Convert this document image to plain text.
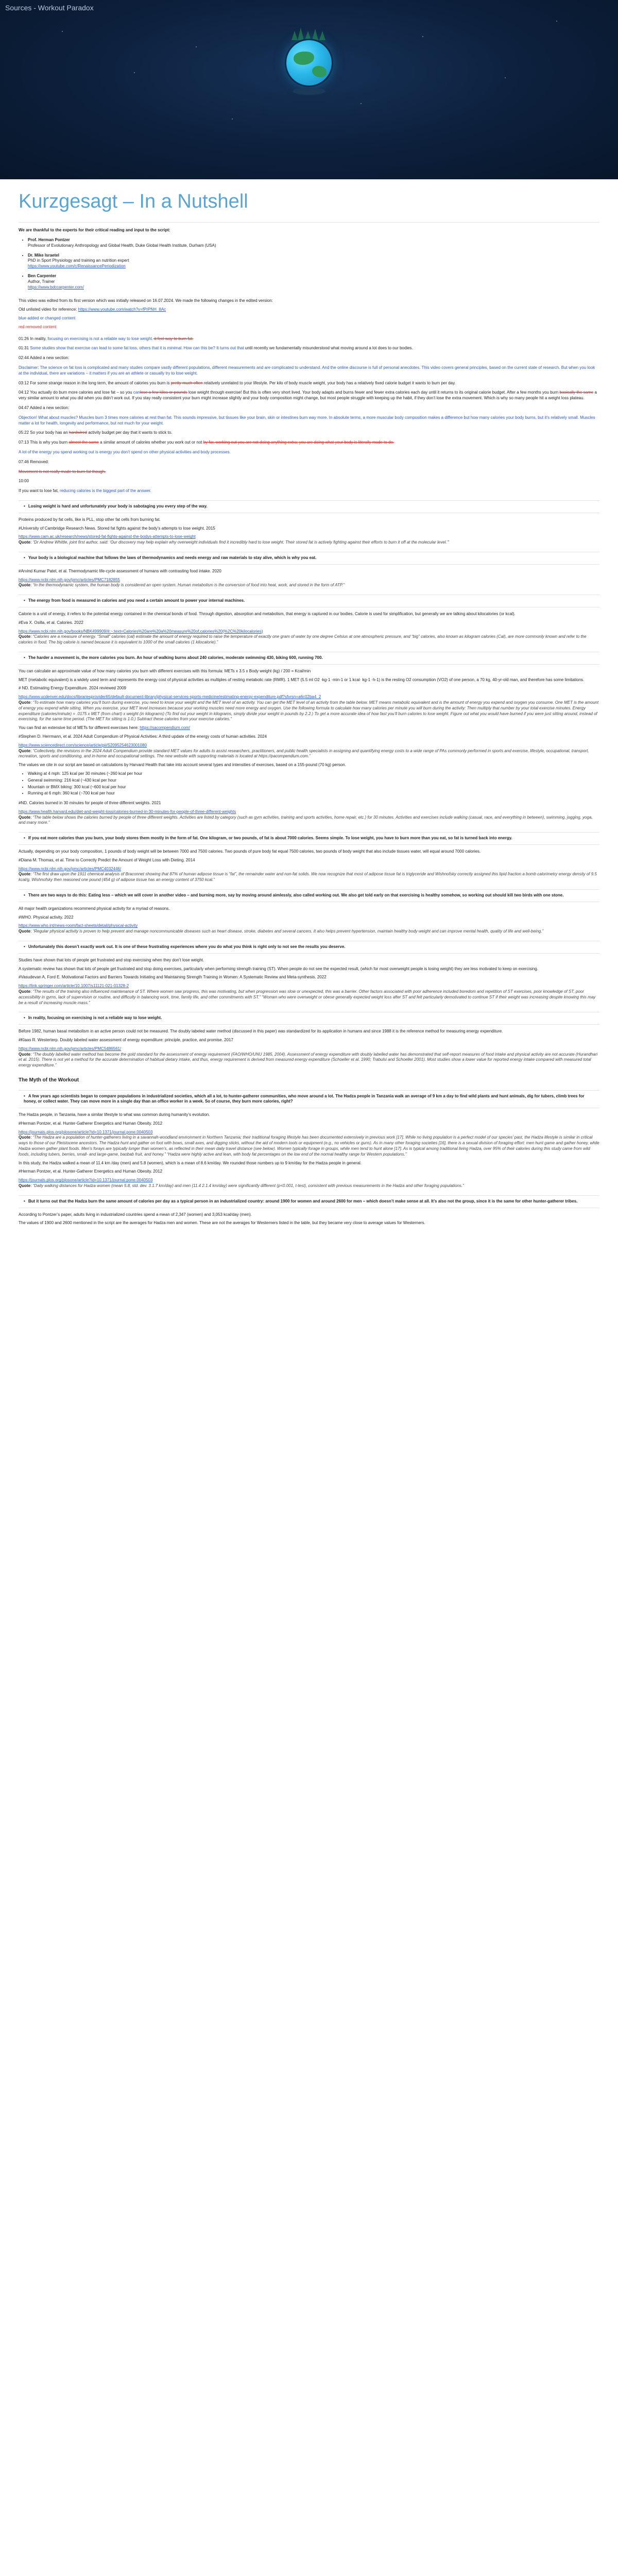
Sources - Workout Paradox
Kurzgesagt – In a Nutshell

We are thankful to the experts for their critical reading and input to the script:

• Prof. Herman Pontzer
Professor of Evolutionary Anthropology and Global Health, Duke Global Health Institute, Durham (USA)
• Dr. Mike Israetel
PhD in Sport Physiology and training an nutrition expert
https://www.youtube.com/c/RenaissancePeriodization
• Ben Carpenter
Author, Trainer
https://www.bdccarpenter.com/

This video was edited from its first version which was initially released on 16.07.2024. We made the following changes in the edited version:

Old unlisted video for reference: https://www.youtube.com/watch?v=fPrPNH_8Ac

blue added or changed content

red removed content

01:26 In reality, focusing on exercising is not a reliable way to lose weight. it feel way to burn fat.

01:31 Some studies show that exercise can lead to some fat loss, others that it is minimal. How can this be? It turns out that until recently we fundamentally misunderstood what moving around a lot does to our bodies.

02:44 Added a new section:

Disclaimer: The science on fat loss is complicated and many studies compare vastly different populations, different measurements and are complicated to understand. And the online discourse is full of personal anecdotes. This video covers general principles, based on the current state of research. But when you look at the individual, there are variations – it matters if you are an athlete or casually try to lose weight.

03:12 For some strange reason in the long term, the amount of calories you burn is pretty much often relatively unrelated to your lifestyle. Per kilo of body muscle weight, your body has a relatively fixed calorie budget it wants to burn per day.

04:12 You actually do burn more calories and lose fat – so you canlose a few kilos or pounds lose weight through exercise! But this is often very short lived. Your body adapts and burns fewer and fewer extra calories each day until it returns to its original calorie budget. After a few months you burn basically the same a very similar amount to what you did when you didn’t work out. If you stay really consistent your burn might increase slightly and your body composition might change, but most people struggle with keeping up the habit, if they don’t lose the extra movement. Which is why so many people hit a weight loss plateau.

04:47 Added a new section:

Objection! What about muscles? Muscles burn 3 times more calories at rest than fat. This sounds impressive, but tissues like your brain, skin or intestines burn way more. In absolute terms, a more muscular body composition makes a difference but how many calories your body burns, but it’s relatively small. Muscles matter a lot for health, longevity and performance, but not much for your weight.

05:22 So your body has an hardwired activity budget per day that it wants to stick to.

07:13 This is why you burn almost the same a similar amount of calories whether you work out or not by far, working out you are not doing anything extra; you are doing what your body is literally made to do.

A lot of the energy you spend working out is energy you don’t spend on other physical activities and body processes.

07:46 Removed:

Movement is not really made to burn fat though.

10:00

If you want to lose fat, reducing calories is the biggest part of the answer.

• Losing weight is hard and unfortunately your body is sabotaging you every step of the way.

Proteins produced by fat cells, like is PLL, stop other fat cells from burning fat.

#University of Cambridge Research News. Stored fat fights against the body’s attempts to lose weight. 2015

https://www.cam.ac.uk/research/news/stored-fat-fights-against-the-bodys-attempts-to-lose-weight

Quote: “Dr Andrew Whittle, joint first author, said: ‘Our discovery may help explain why overweight individuals find it incredibly hard to lose weight. Their stored fat is actively fighting against their efforts to burn it off at the molecular level.’”

• Your body is a biological machine that follows the laws of thermodynamics and needs energy and raw materials to stay alive, which is why you eat.

#Arvind Kumar Patel, et al. Thermodynamic life-cycle assessment of humans with contrasting food intake. 2020

https://www.ncbi.nlm.nih.gov/pmc/articles/PMC7182855

Quote: “In the thermodynamic system, the human body is considered an open system. Human metabolism is the conversion of food into heat, work, and stored in the form of ATP.”

• The energy from food is measured in calories and you need a certain amount to power your internal machines.

Calorie is a unit of energy, it refers to the potential energy contained in the chemical bonds of food. Through digestion, absorption and metabolism, that energy is captured in our bodies. Calorie is used for simplification, but generally we are talking about kilocalories (or kcal).

#Eva X. Osilla, et al. Calories. 2022

https://www.ncbi.nlm.nih.gov/books/NBK499909/#:~:text=Calories%20are%20a%20measure%20of,calories%20(%2C%20kilocalories)

Quote: “Calories are a measure of energy. “Small” calories (cal) estimate the amount of energy required to raise the temperature of exactly one gram of water by one degree Celsius at one atmospheric pressure, and “big” calories, also known as kilogram calories (Cal), are more commonly known and refer to the calories in food. The big calorie is named because it is equivalent to 1000 of the small calories (1 kilocalorie).”

• The harder a movement is, the more calories you burn. An hour of walking burns about 240 calories, moderate swimming 430, biking 600, running 700.

You can calculate an approximate value of how many calories you burn with different exercises with this formula: METs x 3.5 x Body weight (kg) / 200 = Kcal/min

MET (metabolic equivalent) is a widely used term and represents the energy cost of physical activities as multiples of resting metabolic rate (RMR). 1 MET (5.5 ml O2 ·kg-1 ·min-1 or 1 kcal· kg-1 ·h-1) is the resting O2 consumption (VO2) of one person, a 70 kg, 40-yr-old man, and therefore has some limitations.

# ND. Estimating Energy Expenditure. 2024 reviewed 2009

https://www.ucdenver.edu/docs/librariesprovider65/default-document-library/physical-services-sports-medicine/estimating-energy-expenditure.pdf?sfvrsn=a6c02ba4_2

Quote: “To estimate how many calories you’ll burn during exercise, you need to know your weight and the MET level of an activity. You can get the MET level of an activity from the table below. MET means metabolic equivalent and is the amount of energy you expend and oxygen you consume. One MET is the amount of energy you expend while sitting. When you exercise, your MET level increases because your working muscles need more energy and oxygen. Use the following formula to calculate how many calories per minute you will burn during the activity: Then multiply that number by your total exercise minutes. Energy expenditure (calories/minute) = .0175 x MET (from chart) x weight (in kilograms) (To find out your weight in kilograms, simply divide your weight in pounds by 2.2.) To get a more accurate idea of how fast you’ll burn calories to lose weight. Figure out what you would have burned if you were just sitting around, instead of exercising, for the same time period. (The MET for sitting is 1.0.) Subtract these calories from your exercise calories.”

You can find an extensive list of METs for different exercises here: https://sacompendium.com/

#Stephen D. Herrmann, et al. 2024 Adult Compendium of Physical Activities: A third update of the energy costs of human activities. 2024

https://www.sciencedirect.com/science/article/pii/S2095254623001080

Quote: “Collectively, the revisions in the 2024 Adult Compendium provide standard MET values for adults to assist researchers, practitioners, and public health specialists in assigning and quantifying energy costs to a wide range of PAs commonly performed in sports and exercise, lifestyle, occupational, transport, recreation, sports and conditioning, and in-home and occupational settings. The new website with supporting materials is located at https://pacompendium.com.”

The values we cite in our script are based on calculations by Harvard Health that take into account several types and intensities of exercises, based on a 155-pound (70 kg) person.

• Walking at 4 mph: 125 kcal per 30 minutes (~260 kcal per hour
• General swimming: 216 kcal (~430 kcal per hour
• Mountain or BMX biking: 300 kcal (~600 kcal per hour
• Running at 6 mph: 360 kcal (~700 kcal per hour

#ND. Calories burned in 30 minutes for people of three different weights. 2021

https://www.health.harvard.edu/diet-and-weight-loss/calories-burned-in-30-minutes-for-people-of-three-different-weights

Quote: “The table below shows the calories burned by people of three different weights. Activities are listed by category (such as gym activities, training and sports activities, home repair, etc.) for 30 minutes. Activities and exercises include walking (casual, race, and everything in between), swimming, jogging, yoga, and many more.”

• If you eat more calories than you burn, your body stores them mostly in the form of fat. One kilogram, or two pounds, of fat is about 7000 calories. Seems simple. To lose weight, you have to burn more than you eat, so fat is turned back into energy.

Actually, depending on your body composition, 1 pounds of body weight will be between 7000 and 7500 calories. Two pounds of pure body fat equal 7500 calories, two pounds of body weight that also include tissues water, will equal around 7000 calories.

#Diana M. Thomas, et al. Time to Correctly Predict the Amount of Weight Loss with Dieting. 2014

https://www.ncbi.nlm.nih.gov/pmc/articles/PMC4032446/

Quote: “The first draw upon the 1911 chemical analysis of Braconnet showing that 87% of human adipose tissue is “fat”, the remainder water and non-fat solids. We now recognize that most of adipose tissue fat is triglyceride and Wishnofsky correctly assigned this lipid fraction a bomb calorimetry energy density of 9.5 kcal/g. Wishnofsky then reasoned one pound (454 g) of adipose tissue has an energy content of 3750 kcal.”

• There are two ways to do this: Eating less – which we will cover in another video – and burning more, say by moving around aimlessly, also called working out. We also get told early on that exercising is healthy somehow, so working out should kill two birds with one stone.

All major health organizations recommend physical activity for a myriad of reasons.

#WHO. Physical activity. 2022

https://www.who.int/news-room/fact-sheets/detail/physical-activity

Quote: “Regular physical activity is proven to help prevent and manage noncommunicable diseases such as heart disease, stroke, diabetes and several cancers. It also helps prevent hypertension, maintain healthy body weight and can improve mental health, quality of life and well-being.”

• Unfortunately this doesn’t exactly work out. It is one of these frustrating experiences where you do what you think is right only to not see the results you deserve.

Studies have shown that lots of people get frustrated and stop exercising when they don’t lose weight.

A systematic review has shown that lots of people get frustrated and stop doing exercises, particularly when performing strength training (ST). When people do not see the expected result, (which for most overweight people is losing weight) they are less motivated to keep on exercising.

#Vasudevan A, Ford E. Motivational Factors and Barriers Towards Initiating and Maintaining Strength Training in Women: A Systematic Review and Meta-synthesis. 2022

https://link.springer.com/article/10.1007/s11121-021-01328-2

Quote: “The results of the training also influenced maintenance of ST. Where women saw progress, this was motivating, but when progression was slow or unexpected, this was a barrier. Other factors associated with poor adherence included boredom and repetition of ST exercises, poor knowledge of ST, poor accessibility in gyms, lack of supervision or routine, and difficulty in balancing work, time, family life, and other commitments with ST.” “Women who were overweight or obese generally expected weight loss after ST and felt particularly demotivated to continue ST if their weight was increasing despite knowing this may be a result of increasing muscle mass.”

• In reality, focusing on exercising is not a reliable way to lose weight.

Before 1982, human basal metabolism in an active person could not be measured. The doubly labeled water method (discussed in this paper) was standardized for its application in humans and since 1988 it is the reference method for measuring energy expenditure.

#Klaas R. Westerterp. Doubly labeled water assessment of energy expenditure: principle, practice, and promise. 2017

https://www.ncbi.nlm.nih.gov/pmc/articles/PMC5486561/

Quote: “The doubly labelled water method has become the gold standard for the assessment of energy requirement (FAO/WHO/UNU 1985, 2004). Assessment of energy expenditure with doubly labelled water has demonstrated that self-report measures of food intake and physical activity are not accurate (Hurandhari et al. 2015). There is not yet a method for the accurate determination of habitual dietary intake, and thus, energy requirement is derived from measured energy expenditure (Schoeller et al. 1990; Trabulsi and Schoeller 2001). Most studies show a lower value for reported energy intake compared with measured total energy expenditure.”

The Myth of the Workout
• A few years ago scientists began to compare populations in industrialized societies, which all a lot, to hunter-gatherer communities, who move around a lot. The Hadza people in Tanzania walk an average of 9 km a day to find wild plants and hunt animals, dig for tubers, climb trees for honey, or collect water. They can move more in a single day than an office worker in a week. So of course, they burn more calories, right?

The Hadza people, in Tanzania, have a similar lifestyle to what was common during humanity’s evolution.

#Herman Pontzer, et al. Hunter-Gatherer Energetics and Human Obesity. 2012

https://journals.plos.org/plosone/article?id=10.1371/journal.pone.0040503

Quote: “The Hadza are a population of hunter-gatherers living in a savannah-woodland environment in Northern Tanzania; their traditional foraging lifestyle has been documented extensively in previous work [17]. While no living population is a perfect model of our species’ past, the Hadza lifestyle is similar in critical ways to those of our Pleistocene ancestors. The Hadza hunt and gather on foot with bows, small axes, and digging sticks, without the aid of modern tools or equipment (e.g., no vehicles or guns). As in many other foraging societies [16], there is a sexual division of foraging effort: men hunt game and gather honey, while Hadza women gather plant foods. Men’s forays are typically longer than women’s, as reflected in their mean daily travel distance (see below). Women typically forage in groups, while men tend to hunt alone [17]. As is typical among traditional living Hadza, over 95% of their calories during this study came from wild foods, including tubers, berries, small- and large-game, baobab fruit, and honey.” “Hadza were highly active and lean, with body fat percentages on the low end of the normal healthy range for Western populations.”

In this study, the Hadza walked a mean of 11.4 km /day (men) and 5.8 (women), which is a mean of 8.6 km/day. We rounded those numbers up to 9 km/day for the Hadza people in general.

#Herman Pontzer, et al. Hunter-Gatherer Energetics and Human Obesity. 2012

https://journals.plos.org/plosone/article?id=10.1371/journal.pone.0040503

Quote: “Daily walking distances for Hadza women (mean 5.8, std. dev. 3.1.7 km/day) and men (11.4 2.1.4 km/day) were significantly different (p<0.001, t-test), consistent with previous measurements in the Hadza and other foraging populations.”

• But it turns out that the Hadza burn the same amount of calories per day as a typical person in an industrialized country: around 1900 for women and around 2600 for men – which doesn’t make sense at all. It’s also not the group, since it is the same for other hunter-gatherer tribes.

According to Pontzer’s paper, adults living in industrialized countries spend a mean of 2,347 (women) and 3,053 kcal/day (men).

The values of 1900 and 2600 mentioned in the script are the averages for Hadza men and women. These are not the averages for Westerners listed in the table, but they became very close to average values for Westerners.
